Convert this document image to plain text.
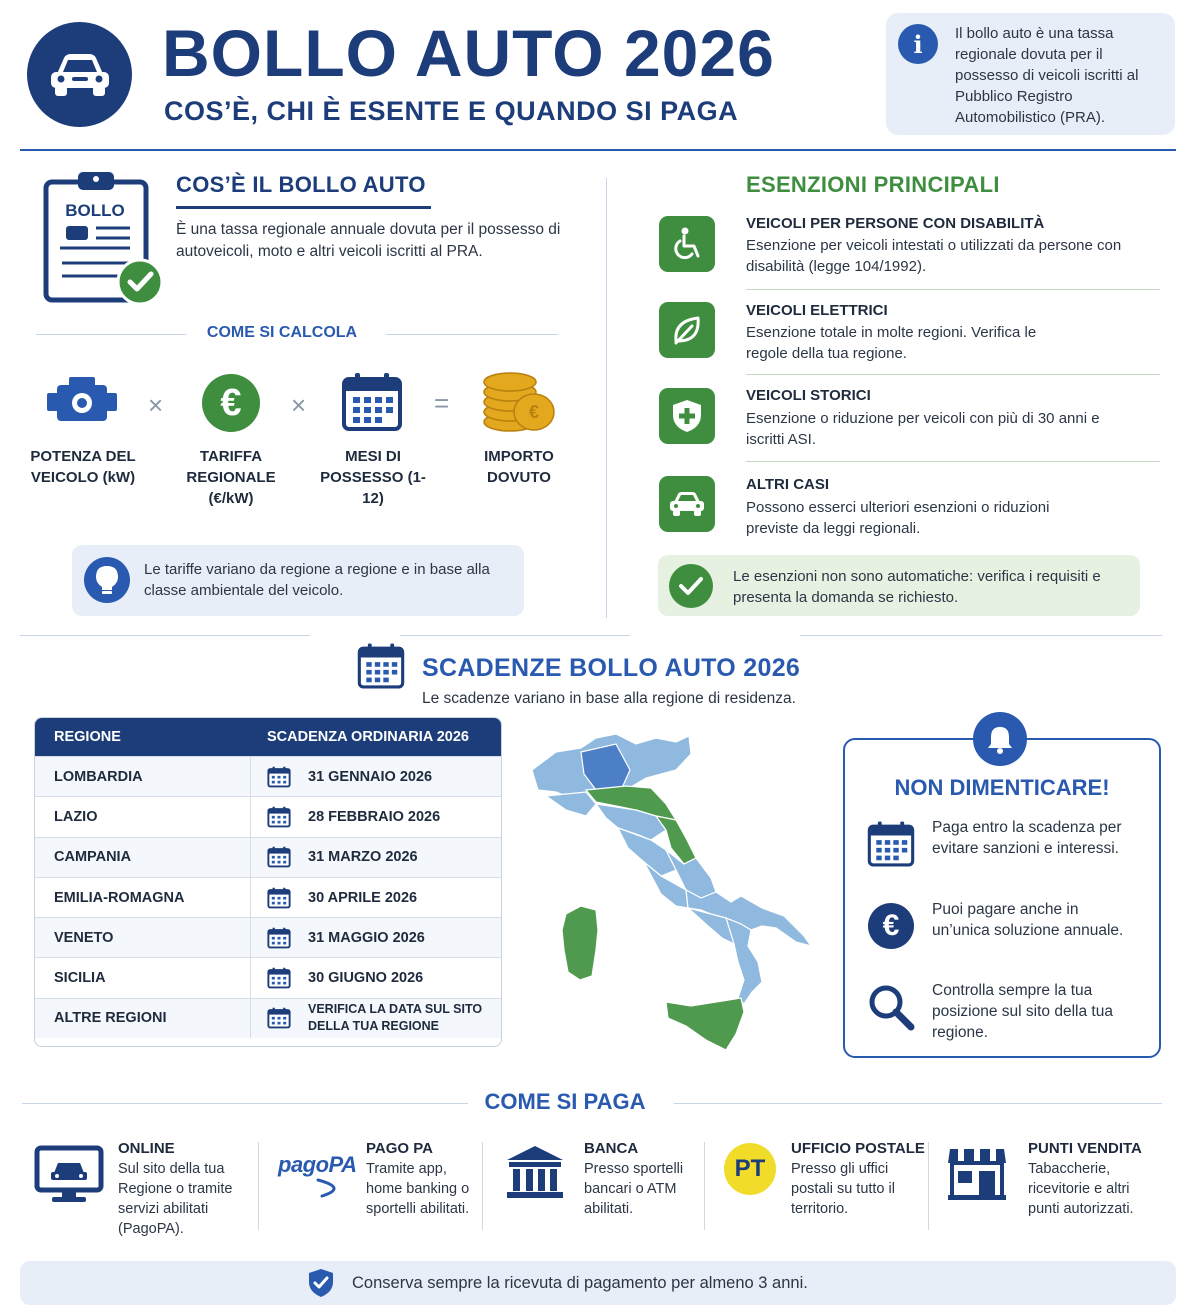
BOLLO AUTO 2026
COS’È, CHI È ESENTE E QUANDO SI PAGA
i	Il bollo auto è una tassa regionale dovuta per il possesso di veicoli iscritti al Pubblico Registro Automobilistico (PRA).
BOLLO
COS’È IL BOLLO AUTO
È una tassa regionale annuale dovuta per il possesso di autoveicoli, moto e altri veicoli iscritti al PRA.
COME SI CALCOLA
×	€	×	=	€
POTENZA DEL VEICOLO (kW)
TARIFFA REGIONALE (€/kW)
MESI DI POSSESSO (1-12)
IMPORTO DOVUTO
Le tariffe variano da regione a regione e in base alla classe ambientale del veicolo.
ESENZIONI PRINCIPALI
VEICOLI PER PERSONE CON DISABILITÀ
Esenzione per veicoli intestati o utilizzati da persone con disabilità (legge 104/1992).
VEICOLI ELETTRICI
Esenzione totale in molte regioni. Verifica le regole della tua regione.
VEICOLI STORICI
Esenzione o riduzione per veicoli con più di 30 anni e iscritti ASI.
ALTRI CASI
Possono esserci ulteriori esenzioni o riduzioni previste da leggi regionali.
Le esenzioni non sono automatiche: verifica i requisiti e presenta la domanda se richiesto.
SCADENZE BOLLO AUTO 2026
Le scadenze variano in base alla regione di residenza.
REGIONE	SCADENZA ORDINARIA 2026
LOMBARDIA	31 GENNAIO 2026
LAZIO	28 FEBBRAIO 2026
CAMPANIA	31 MARZO 2026
EMILIA-ROMAGNA	30 APRILE 2026
VENETO	31 MAGGIO 2026
SICILIA	30 GIUGNO 2026
ALTRE REGIONI
VERIFICA LA DATA SUL SITO DELLA TUA REGIONE
NON DIMENTICARE!
Paga entro la scadenza per evitare sanzioni e interessi.
€	Puoi pagare anche in un’unica soluzione annuale.
Controlla sempre la tua posizione sul sito della tua regione.
COME SI PAGA
ONLINE
Sul sito della tua Regione o tramite servizi abilitati (PagoPA).
pagoPA
PAGO PA
Tramite app, home banking o sportelli abilitati.
BANCA
Presso sportelli bancari o ATM abilitati.
PT
UFFICIO POSTALE
Presso gli uffici postali su tutto il territorio.
PUNTI VENDITA
Tabaccherie, ricevitorie e altri punti autorizzati.
Conserva sempre la ricevuta di pagamento per almeno 3 anni.
